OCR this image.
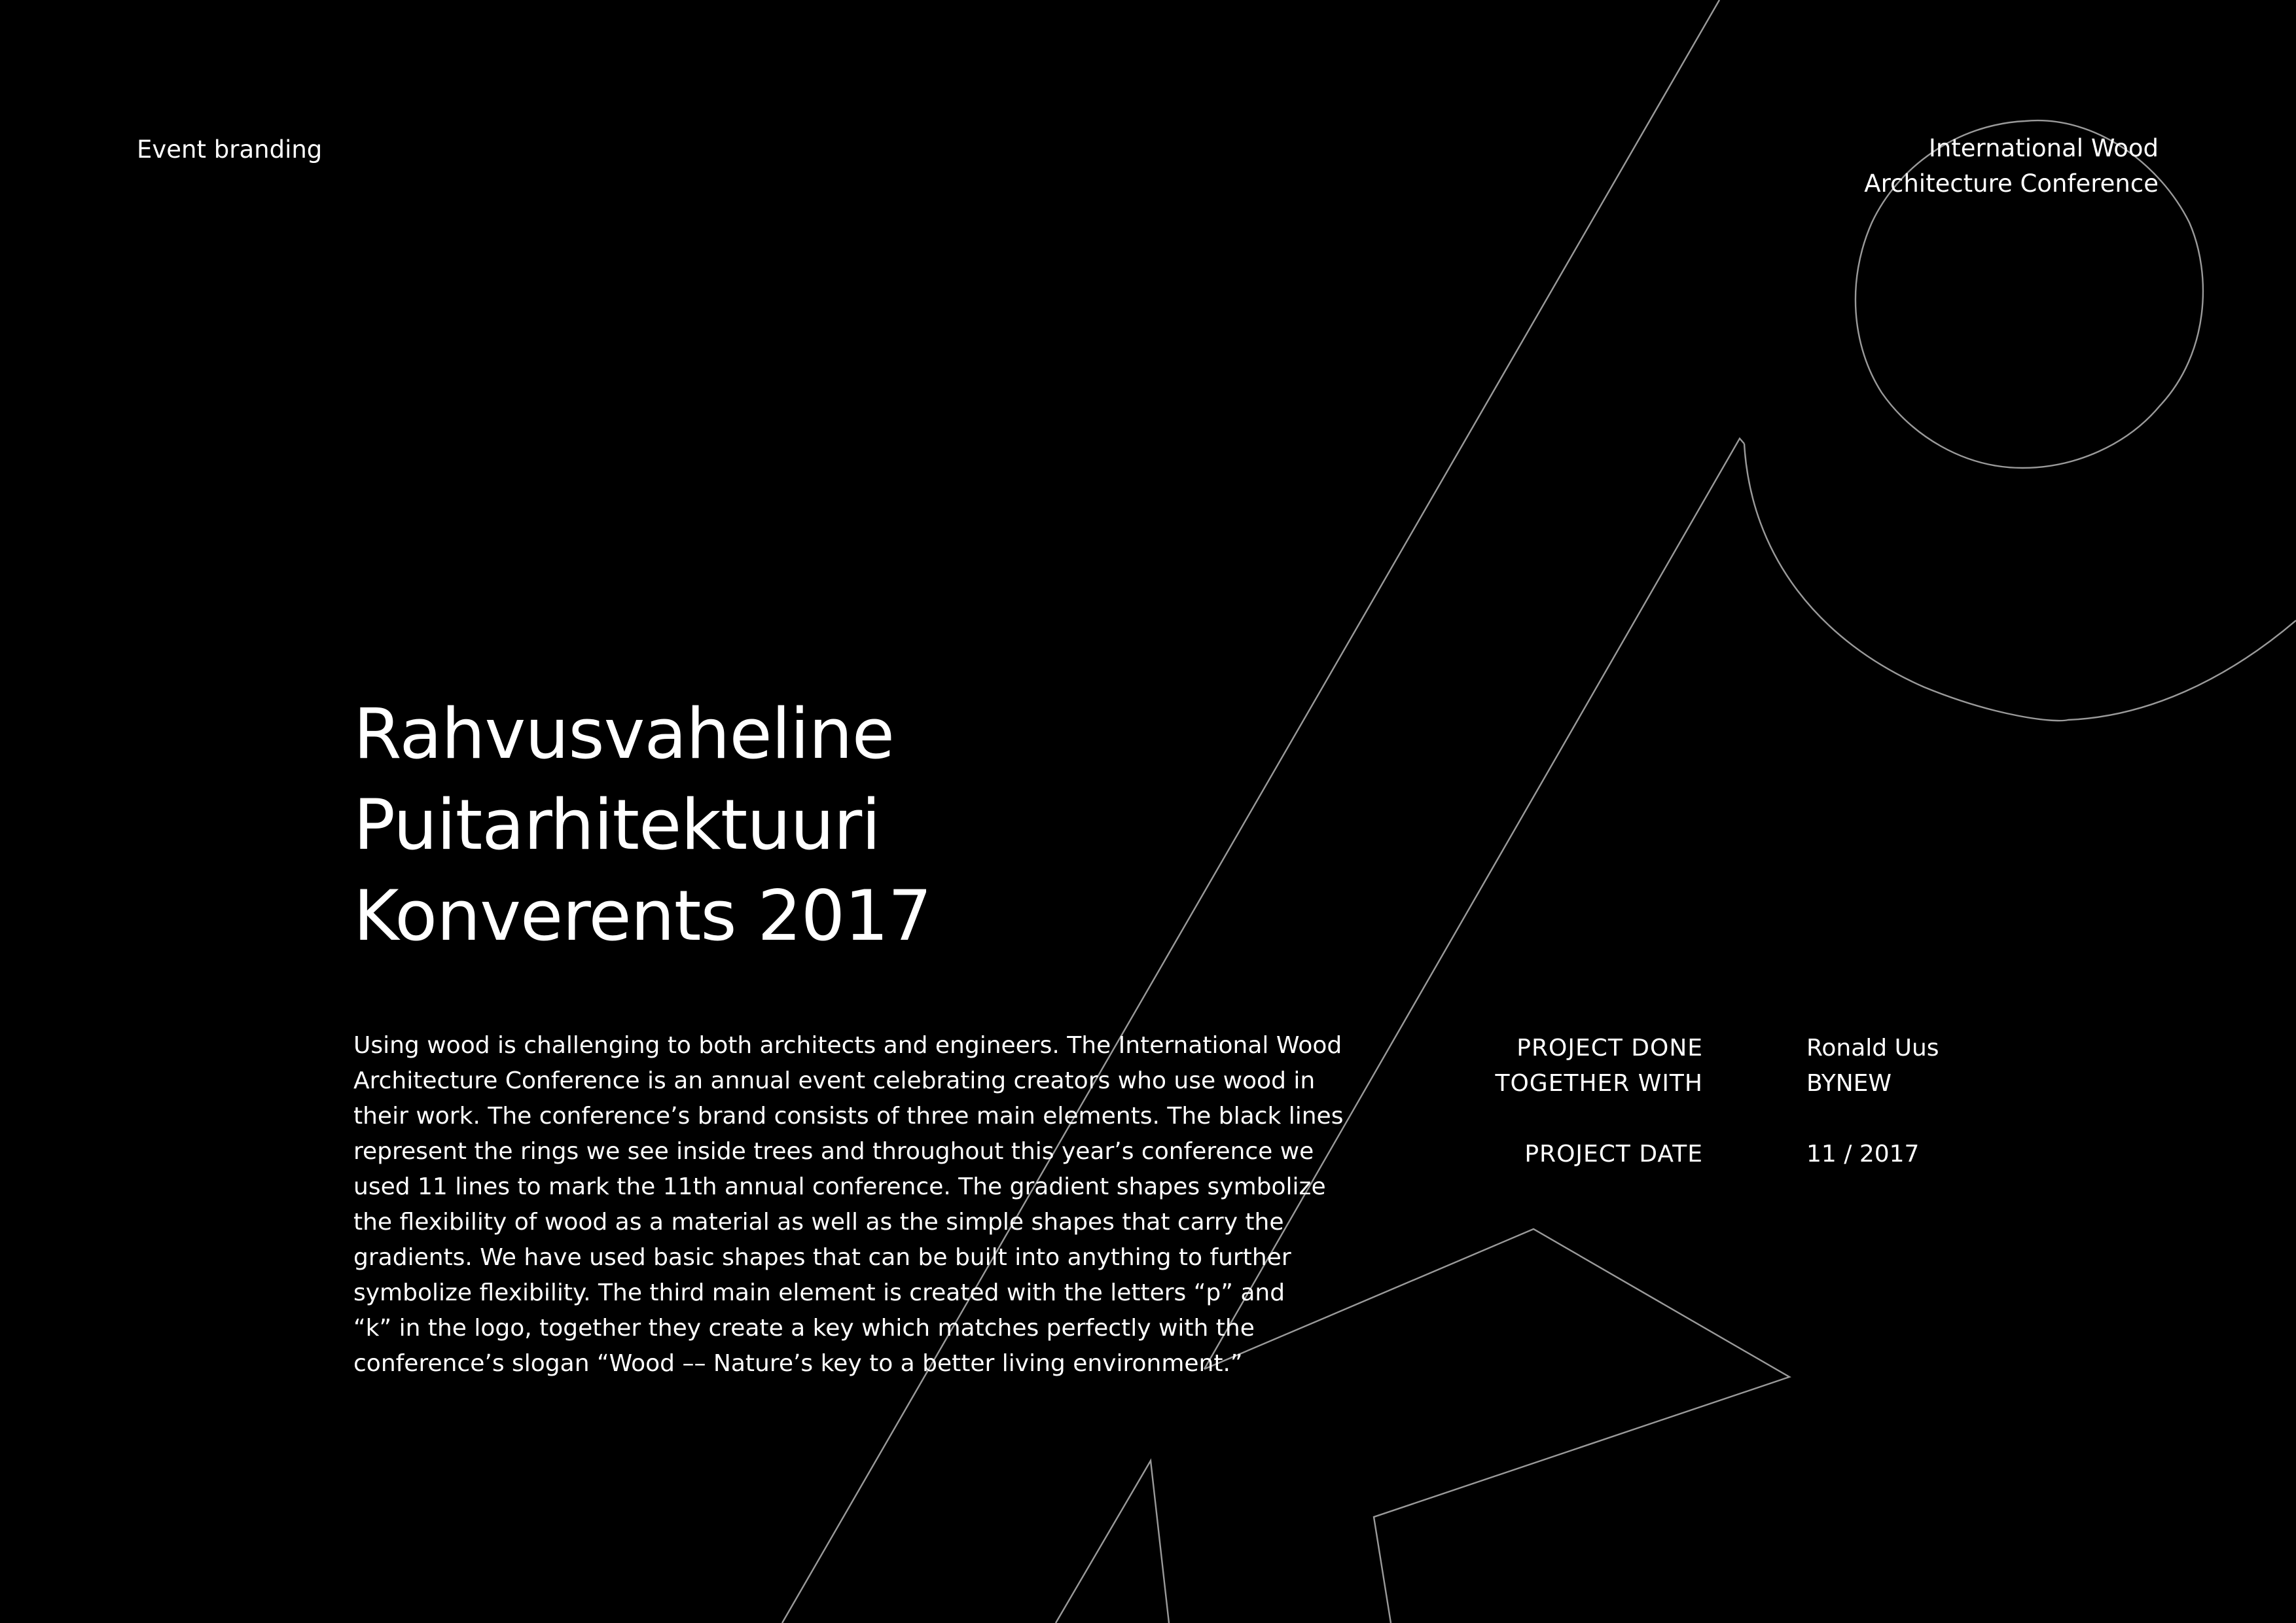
Event branding	International Wood
Architecture Conference
Rahvusvaheline
Puitarhitektuuri
Konverents 2017

Using wood is challenging to both architects and engineers. The International Wood
Architecture Conference is an annual event celebrating creators who use wood in
their work. The conference’s brand consists of three main elements. The black lines
represent the rings we see inside trees and throughout this year’s conference we
used 11 lines to mark the 11th annual conference. The gradient shapes symbolize
the flexibility of wood as a material as well as the simple shapes that carry the
gradients. We have used basic shapes that can be built into anything to further
symbolize flexibility. The third main element is created with the letters “p” and
“k” in the logo, together they create a key which matches perfectly with the
conference’s slogan “Wood –– Nature’s key to a better living environment.”

PROJECT DONE
TOGETHER WITH
Ronald Uus
BYNEW
PROJECT DATE	11 / 2017
